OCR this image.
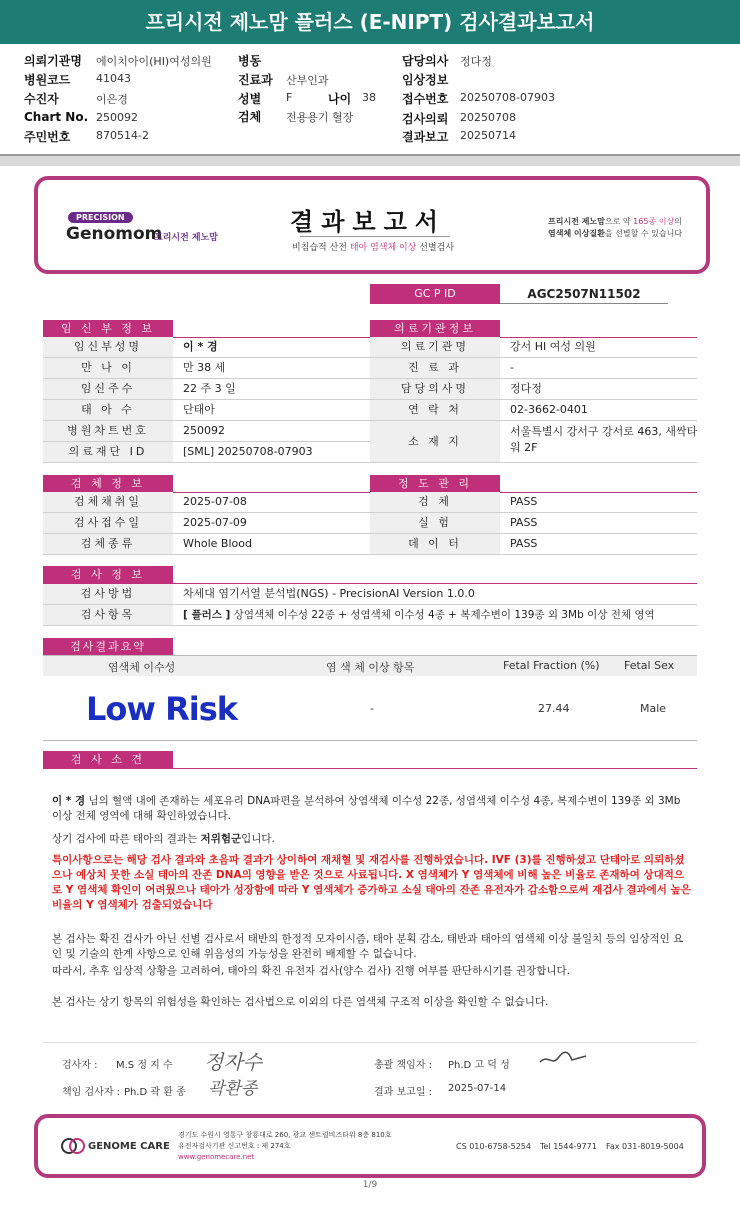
프리시전 제노맘 플러스 (E-NIPT) 검사결과보고서
의뢰기관명 에이치아이(HI)여성의원
병원코드 41043
수진자	이은경
Chart No. 250092
주민번호 870514-2
병동
진료과 산부인과
성별 F	나이 38
검체 전용용기 혈장
담당의사 정다정
임상정보
접수번호 20250708-07903
검사의뢰 20250708
결과보고 20250714
PRECISION
Genomom
프리시전 제노맘
결과보고서
비침습적 산전 태아 염색체 이상 선별검사
프리시전 제노맘으로 약 165종 이상의
염색체 이상질환을 선별할 수 있습니다
GC P ID	AGC2507N11502
임 신 부 정 보
임신부성명	이 * 경
만 나 이	만 38 세
임신주수	22 주 3 일
태 아 수	단태아
병원차트번호	250092
의료재단 ID	[SML] 20250708-07903
의료기관정보
의료기관명	강서 HI 여성 의원
진 료 과	-
담당의사명	정다정
연 락 처	02-3662-0401
소 재 지
서울특별시 강서구 강서로 463, 새싹타워 2F
검 체 정 보
검체채취일	2025-07-08
검사접수일	2025-07-09
검체종류	Whole Blood
정 도 관 리
검 체	PASS
실 험	PASS
데 이 터	PASS
검 사 정 보
검사방법	차세대 염기서열 분석법(NGS) - PrecisionAI Version 1.0.0
검사항목	[ 플러스 ] 상염색체 이수성 22종 + 성염색체 이수성 4종 + 복제수변이 139종 외 3Mb 이상 전체 영역
검사결과요약
염색체 이수성	염 색 체 이상 항목	Fetal Fraction (%) Fetal Sex
Low Risk	-	27.44	Male
검 사 소 견
이 * 경 님의 혈액 내에 존재하는 세포유리 DNA파편을 분석하여 상염색체 이수성 22종, 성염색체 이수성 4종, 복제수변이 139종 외 3Mb 이상 전체 영역에 대해 확인하였습니다.
상기 검사에 따른 태아의 결과는 저위험군입니다.
특이사항으로는 해당 검사 결과와 초음파 결과가 상이하여 재채혈 및 재검사를 진행하였습니다. IVF (3)를 진행하셨고 단태아로 의뢰하셨으나 예상치 못한 소실 태아의 잔존 DNA의 영향을 받은 것으로 사료됩니다. X 염색체가 Y 염색체에 비해 높은 비율로 존재하여 상대적으로 Y 염색체 확인이 어려웠으나 태아가 성장함에 따라 Y 염색체가 증가하고 소실 태아의 잔존 유전자가 감소함으로써 재검사 결과에서 높은 비율의 Y 염색체가 검출되었습니다
본 검사는 확진 검사가 아닌 선별 검사로서 태반의 한정적 모자이시즘, 태아 분획 감소, 태반과 태아의 염색체 이상 불일치 등의 임상적인 요인 및 기술의 한계 사항으로 인해 위음성의 가능성을 완전히 배제할 수 없습니다.
따라서, 추후 임상적 상황을 고려하여, 태아의 확진 유전자 검사(양수 검사) 진행 여부를 판단하시기를 권장합니다.
본 검사는 상기 항목의 위험성을 확인하는 검사법으로 이외의 다른 염색체 구조적 이상을 확인할 수 없습니다.
검사자 : M.S 정 지 수 정자수	총괄 책임자 : Ph.D 고 덕 성
책임 검사자 : Ph.D 곽 환 종 곽환종	결과 보고일 : 2025-07-14
GENOME CARE
경기도 수원시 영통구 창룡대로 260, 광교 센트럴비즈타워 8층 810호
유전자검사기관 신고번호 : 제 274호
www.genomecare.net
CS 010-6758-5254 Tel 1544-9771 Fax 031-8019-5004
1/9
